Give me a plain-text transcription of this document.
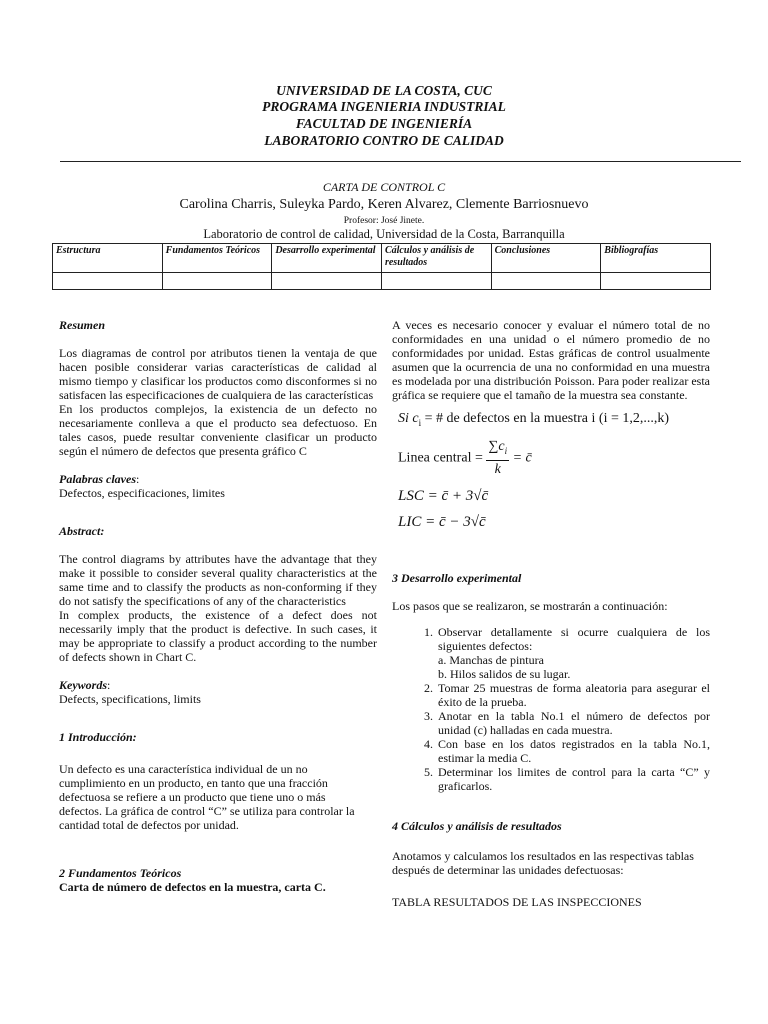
UNIVERSIDAD DE LA COSTA, CUC
PROGRAMA INGENIERIA INDUSTRIAL
FACULTAD DE INGENIERÍA
LABORATORIO CONTRO DE CALIDAD
CARTA DE CONTROL C
Carolina Charris, Suleyka Pardo, Keren Alvarez, Clemente Barriosnuevo
Profesor: José Jinete.
Laboratorio de control de calidad, Universidad de la Costa, Barranquilla
Estructura	Fundamentos Teóricos	Desarrollo experimental	Cálculos y análisis de resultados	Conclusiones	Bibliografías

Resumen

Los diagramas de control por atributos tienen la ventaja de que hacen posible considerar varias características de calidad al mismo tiempo y clasificar los productos como disconformes si no satisfacen las especificaciones de cualquiera de las características

En los productos complejos, la existencia de un defecto no necesariamente conlleva a que el producto sea defectuoso. En tales casos, puede resultar conveniente clasificar un producto según el número de defectos que presenta gráfico C

Palabras claves:

Defectos, especificaciones, limites

Abstract:

The control diagrams by attributes have the advantage that they make it possible to consider several quality characteristics at the same time and to classify the products as non-conforming if they do not satisfy the specifications of any of the characteristics

In complex products, the existence of a defect does not necessarily imply that the product is defective. In such cases, it may be appropriate to classify a product according to the number of defects shown in Chart C.

Keywords:

Defects, specifications, limits

1 Introducción:

Un defecto es una característica individual de un no cumplimiento en un producto, en tanto que una fracción defectuosa se refiere a un producto que tiene uno o más defectos. La gráfica de control “C” se utiliza para controlar la cantidad total de defectos por unidad.

2 Fundamentos Teóricos

Carta de número de defectos en la muestra, carta C.

A veces es necesario conocer y evaluar el número total de no conformidades en una unidad o el número promedio de no conformidades por unidad. Estas gráficas de control usualmente asumen que la ocurrencia de una no conformidad en una muestra es modelada por una distribución Poisson. Para poder realizar esta gráfica se requiere que el tamaño de la muestra sea constante.

Si $c_i$ = # de defectos en la muestra i (i = 1,2,...,k)
Linea central = $\frac{\sum c_i}{k}$ = c̄
LSC = c̄ + 3√c̄
LIC = c̄ − 3√c̄

3 Desarrollo experimental

Los pasos que se realizaron, se mostrarán a continuación:

1. Observar detallamente si ocurre cualquiera de los siguientes defectos:
a. Manchas de pintura
b. Hilos salidos de su lugar.
2. Tomar 25 muestras de forma aleatoria para asegurar el éxito de la prueba.
3. Anotar en la tabla No.1 el número de defectos por unidad (c) halladas en cada muestra.
4. Con base en los datos registrados en la tabla No.1, estimar la media C.
5. Determinar los limites de control para la carta “C” y graficarlos.

4 Cálculos y análisis de resultados

Anotamos y calculamos los resultados en las respectivas tablas después de determinar las unidades defectuosas:

TABLA RESULTADOS DE LAS INSPECCIONES
